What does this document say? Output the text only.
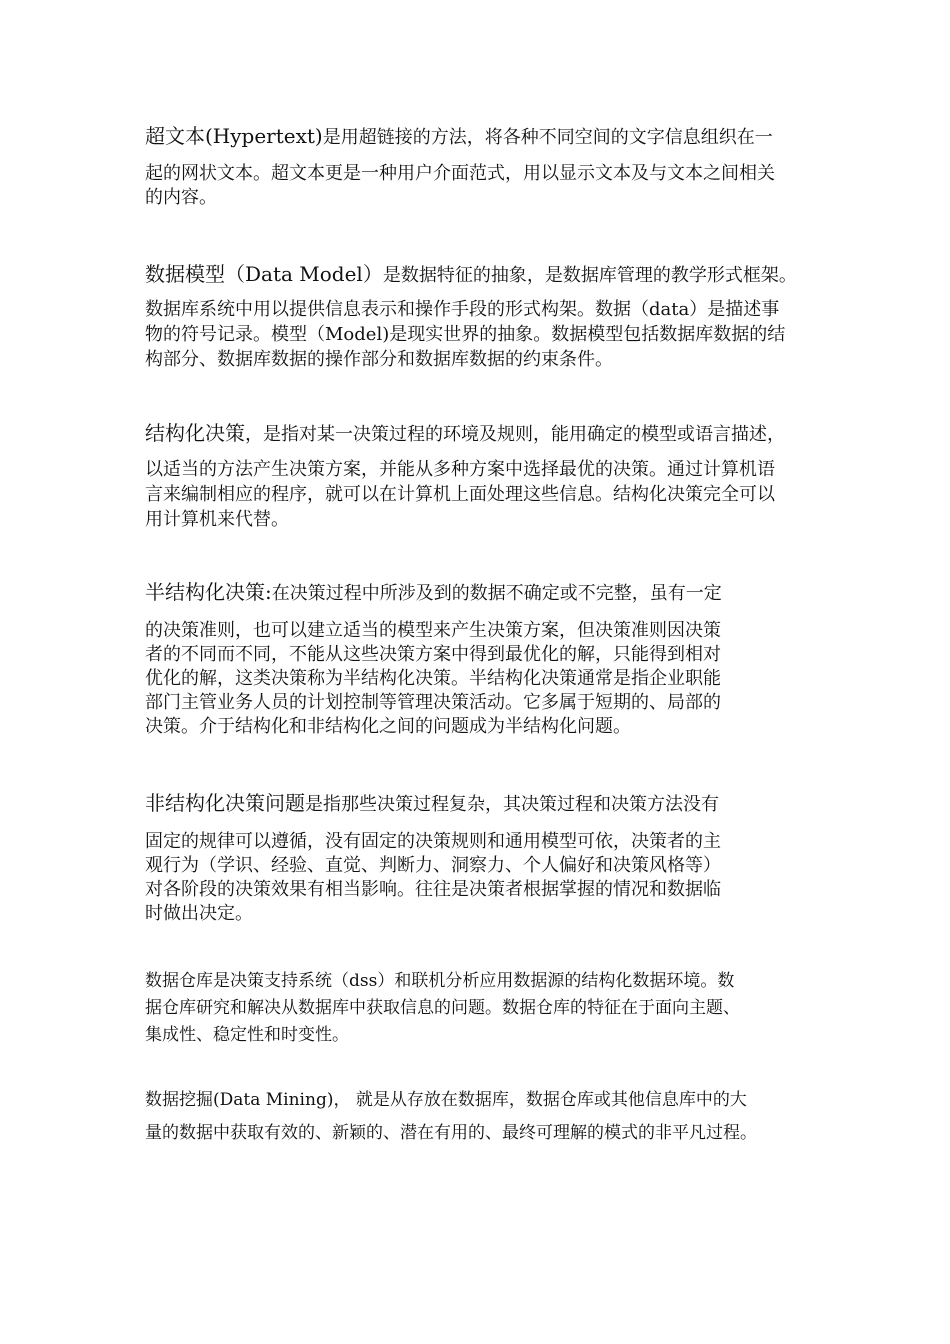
超文本(Hypertext)是用超链接的方法，将各种不同空间的文字信息组织在一
起的网状文本。超文本更是一种用户介面范式，用以显示文本及与文本之间相关
的内容。
数据模型（Data Model）是数据特征的抽象，是数据库管理的教学形式框架。
数据库系统中用以提供信息表示和操作手段的形式构架。数据（data）是描述事
物的符号记录。模型（Model)是现实世界的抽象。数据模型包括数据库数据的结
构部分、数据库数据的操作部分和数据库数据的约束条件。
结构化决策，是指对某一决策过程的环境及规则，能用确定的模型或语言描述，
以适当的方法产生决策方案，并能从多种方案中选择最优的决策。通过计算机语
言来编制相应的程序，就可以在计算机上面处理这些信息。结构化决策完全可以
用计算机来代替。
半结构化决策:在决策过程中所涉及到的数据不确定或不完整，虽有一定
的决策准则，也可以建立适当的模型来产生决策方案，但决策准则因决策
者的不同而不同，不能从这些决策方案中得到最优化的解，只能得到相对
优化的解，这类决策称为半结构化决策。半结构化决策通常是指企业职能
部门主管业务人员的计划控制等管理决策活动。它多属于短期的、局部的
决策。介于结构化和非结构化之间的问题成为半结构化问题。
非结构化决策问题是指那些决策过程复杂，其决策过程和决策方法没有
固定的规律可以遵循，没有固定的决策规则和通用模型可依，决策者的主
观行为（学识、经验、直觉、判断力、洞察力、个人偏好和决策风格等）
对各阶段的决策效果有相当影响。往往是决策者根据掌握的情况和数据临
时做出决定。
数据仓库是决策支持系统（dss）和联机分析应用数据源的结构化数据环境。数
据仓库研究和解决从数据库中获取信息的问题。数据仓库的特征在于面向主题、
集成性、稳定性和时变性。
数据挖掘(Data Mining)， 就是从存放在数据库，数据仓库或其他信息库中的大
量的数据中获取有效的、新颖的、潜在有用的、最终可理解的模式的非平凡过程。
